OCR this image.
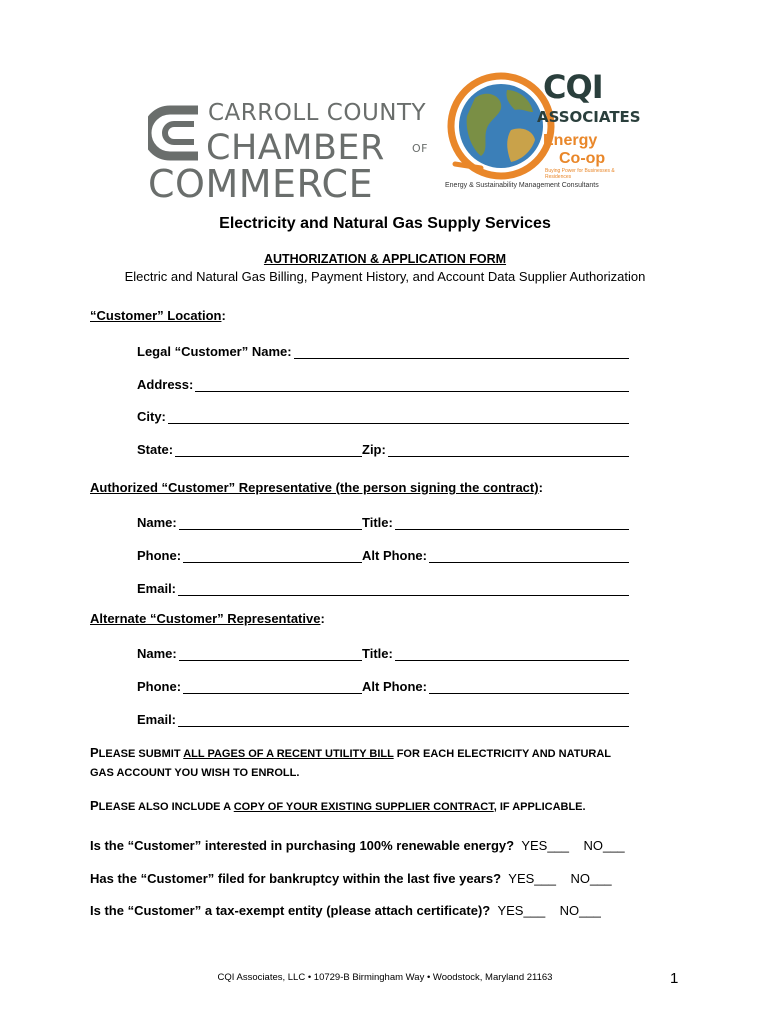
CARROLL COUNTY
CHAMBER OF
COMMERCE
CQI
ASSOCIATES
Energy
Co-op
Buying Power for Businesses & Residences
Energy & Sustainability Management Consultants
Electricity and Natural Gas Supply Services
AUTHORIZATION & APPLICATION FORM
Electric and Natural Gas Billing, Payment History, and Account Data Supplier Authorization
“Customer” Location:
Legal “Customer” Name:
Address:
City:
State:	Zip:
Authorized “Customer” Representative (the person signing the contract):
Name:	Title:
Phone:	Alt Phone:
Email:
Alternate “Customer” Representative:
Name:	Title:
Phone:	Alt Phone:
Email:
PLEASE SUBMIT ALL PAGES OF A RECENT UTILITY BILL FOR EACH ELECTRICITY AND NATURAL
GAS ACCOUNT YOU WISH TO ENROLL.
PLEASE ALSO INCLUDE A COPY OF YOUR EXISTING SUPPLIER CONTRACT, IF APPLICABLE.
Is the “Customer” interested in purchasing 100% renewable energy? YES___ NO___
Has the “Customer” filed for bankruptcy within the last five years? YES___ NO___
Is the “Customer” a tax-exempt entity (please attach certificate)? YES___ NO___
CQI Associates, LLC • 10729-B Birmingham Way • Woodstock, Maryland 21163	1
